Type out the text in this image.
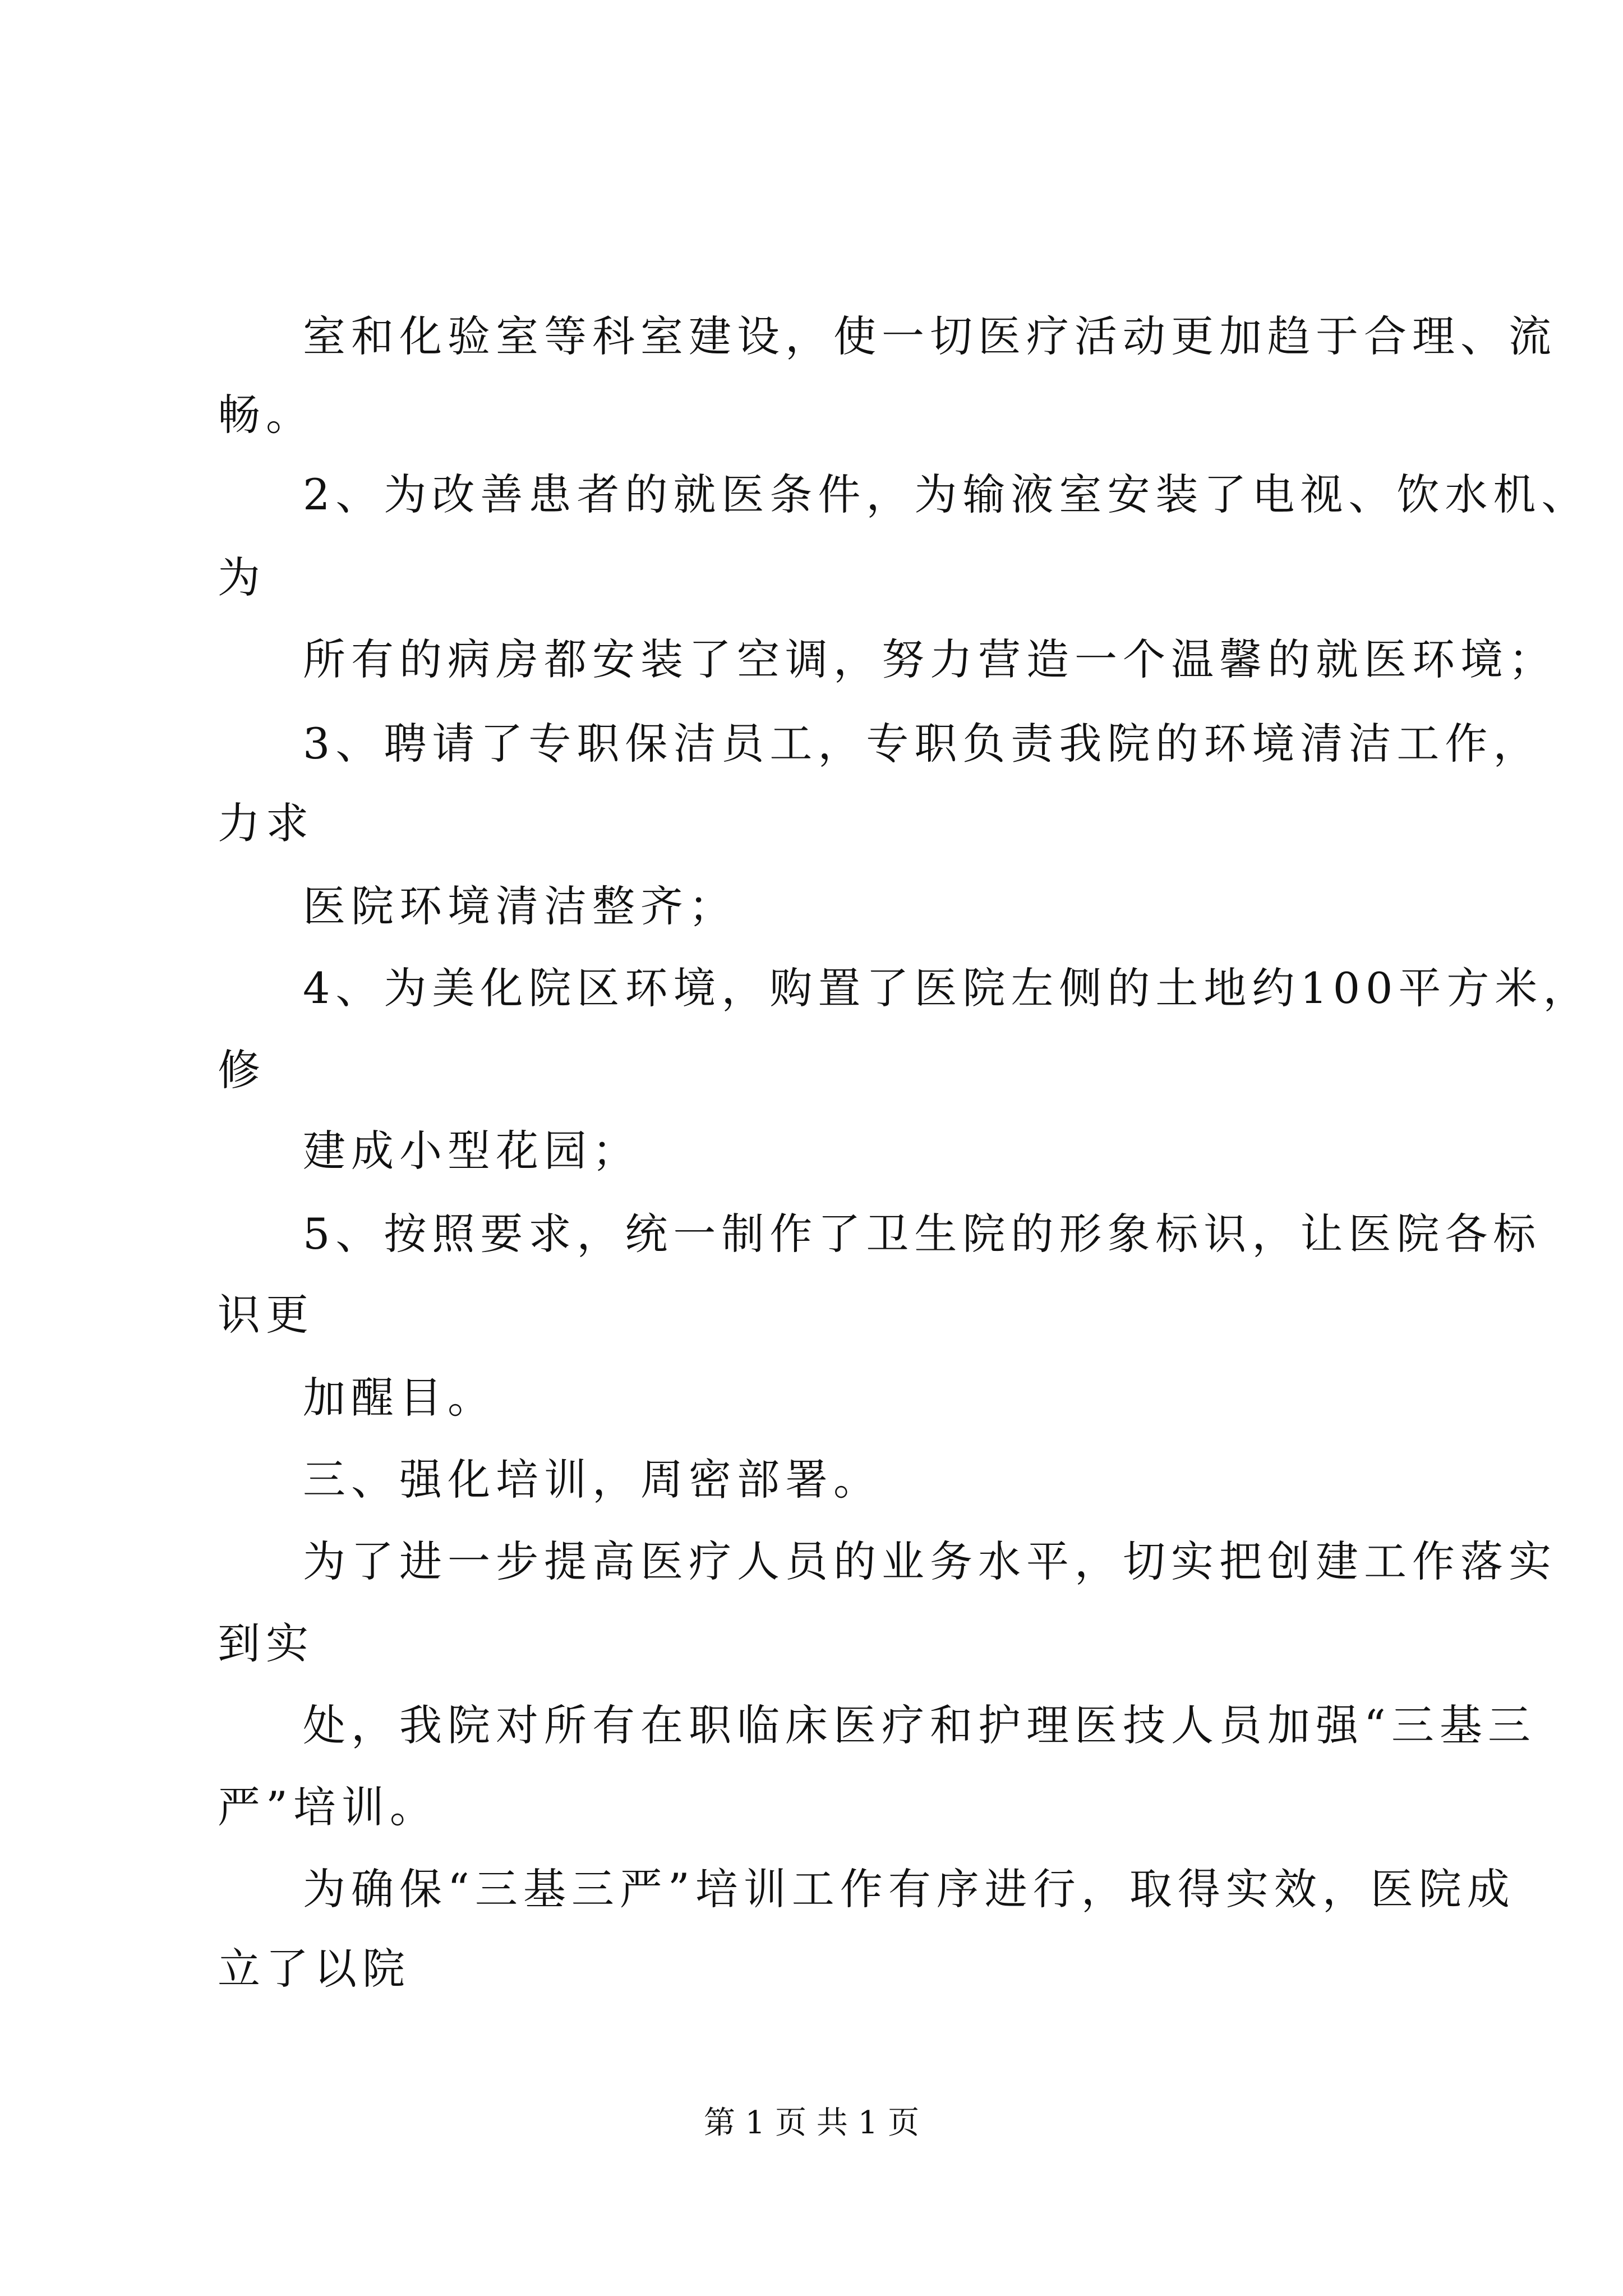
室和化验室等科室建设，使一切医疗活动更加趋于合理、流
畅。
2、为改善患者的就医条件，为输液室安装了电视、饮水机、
为
所有的病房都安装了空调，努力营造一个温馨的就医环境；
3、聘请了专职保洁员工，专职负责我院的环境清洁工作，
力求
医院环境清洁整齐；
4、为美化院区环境，购置了医院左侧的土地约100平方米，
修
建成小型花园；
5、按照要求，统一制作了卫生院的形象标识，让医院各标
识更
加醒目。
三、强化培训，周密部署。
为了进一步提高医疗人员的业务水平，切实把创建工作落实
到实
处，我院对所有在职临床医疗和护理医技人员加强“三基三
严”培训。
为确保“三基三严”培训工作有序进行，取得实效，医院成
立了以院
第 1 页 共 1 页
